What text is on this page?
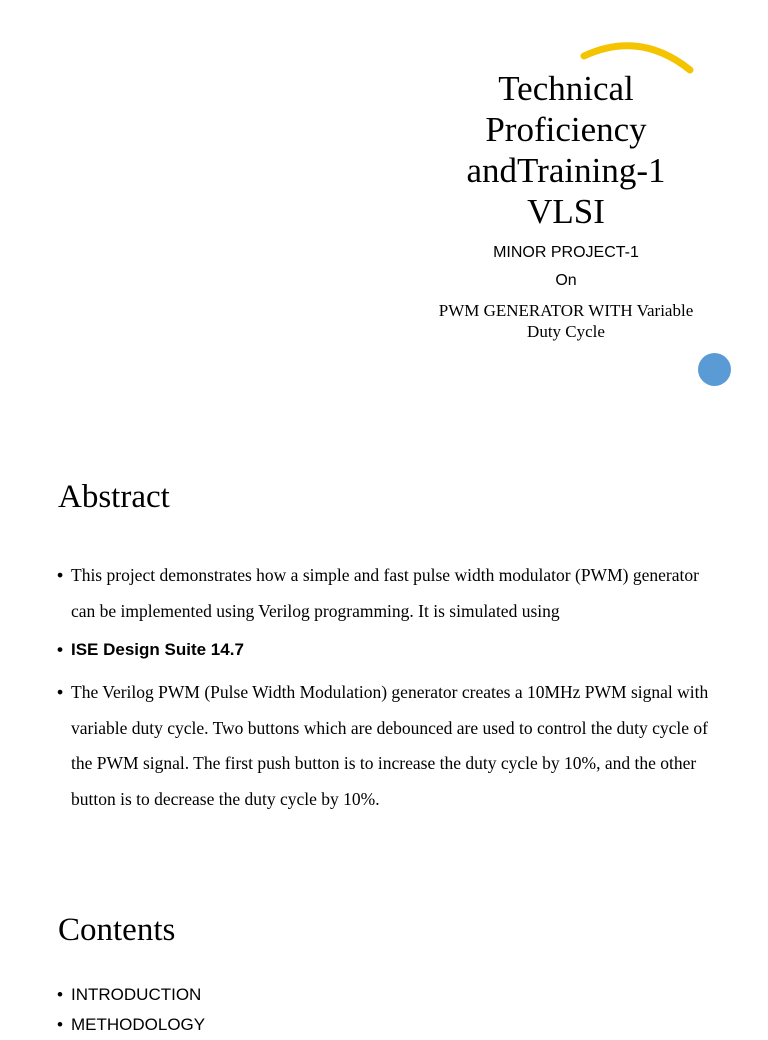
Technical
Proficiency
andTraining-1
VLSI
MINOR PROJECT-1
On
PWM GENERATOR WITH Variable
Duty Cycle
Abstract
• This project demonstrates how a simple and fast pulse width modulator (PWM) generator can be implemented using Verilog programming. It is simulated using
• ISE Design Suite 14.7
• The Verilog PWM (Pulse Width Modulation) generator creates a 10MHz PWM signal with variable duty cycle. Two buttons which are debounced are used to control the duty cycle of the PWM signal. The first push button is to increase the duty cycle by 10%, and the other button is to decrease the duty cycle by 10%.
Contents
• INTRODUCTION
• METHODOLOGY
